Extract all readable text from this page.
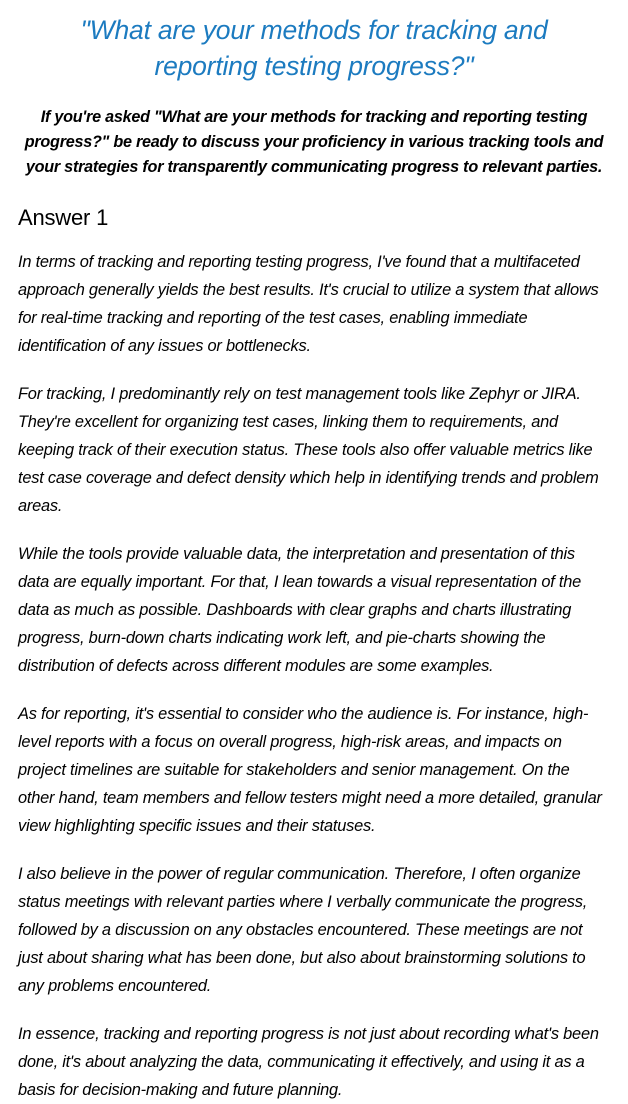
"What are your methods for tracking and reporting testing progress?"

If you're asked "What are your methods for tracking and reporting testing progress?" be ready to discuss your proficiency in various tracking tools and your strategies for transparently communicating progress to relevant parties.

Answer 1

In terms of tracking and reporting testing progress, I've found that a multifaceted approach generally yields the best results. It's crucial to utilize a system that allows for real-time tracking and reporting of the test cases, enabling immediate identification of any issues or bottlenecks.

For tracking, I predominantly rely on test management tools like Zephyr or JIRA. They're excellent for organizing test cases, linking them to requirements, and keeping track of their execution status. These tools also offer valuable metrics like test case coverage and defect density which help in identifying trends and problem areas.

While the tools provide valuable data, the interpretation and presentation of this data are equally important. For that, I lean towards a visual representation of the data as much as possible. Dashboards with clear graphs and charts illustrating progress, burn-down charts indicating work left, and pie-charts showing the distribution of defects across different modules are some examples.

As for reporting, it's essential to consider who the audience is. For instance, high-level reports with a focus on overall progress, high-risk areas, and impacts on project timelines are suitable for stakeholders and senior management. On the other hand, team members and fellow testers might need a more detailed, granular view highlighting specific issues and their statuses.

I also believe in the power of regular communication. Therefore, I often organize status meetings with relevant parties where I verbally communicate the progress, followed by a discussion on any obstacles encountered. These meetings are not just about sharing what has been done, but also about brainstorming solutions to any problems encountered.

In essence, tracking and reporting progress is not just about recording what's been done, it's about analyzing the data, communicating it effectively, and using it as a basis for decision-making and future planning.
